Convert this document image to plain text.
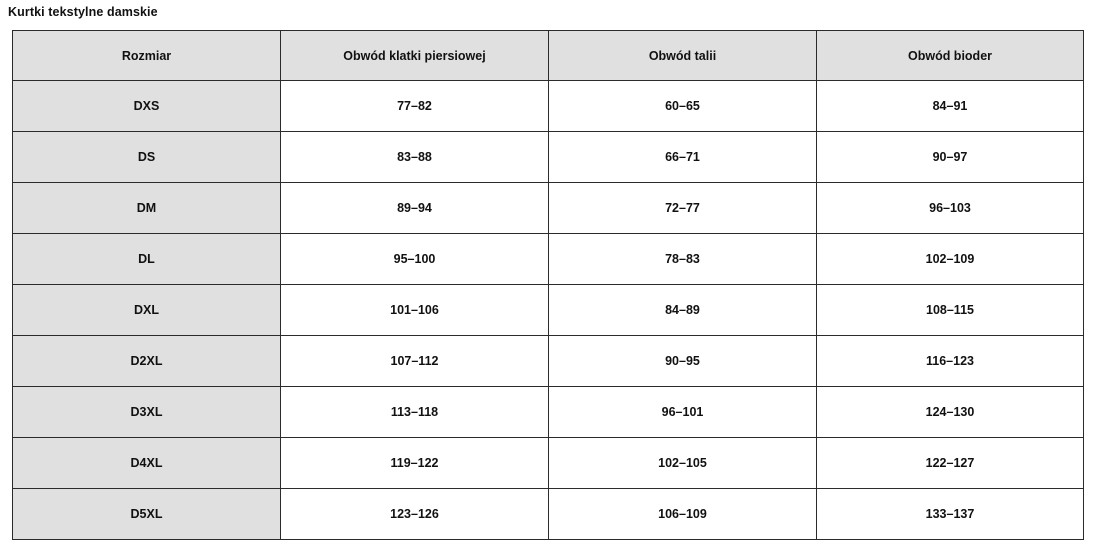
Kurtki tekstylne damskie
Rozmiar	Obwód klatki piersiowej	Obwód talii	Obwód bioder
DXS	77–82	60–65	84–91
DS	83–88	66–71	90–97
DM	89–94	72–77	96–103
DL	95–100	78–83	102–109
DXL	101–106	84–89	108–115
D2XL	107–112	90–95	116–123
D3XL	113–118	96–101	124–130
D4XL	119–122	102–105	122–127
D5XL	123–126	106–109	133–137
